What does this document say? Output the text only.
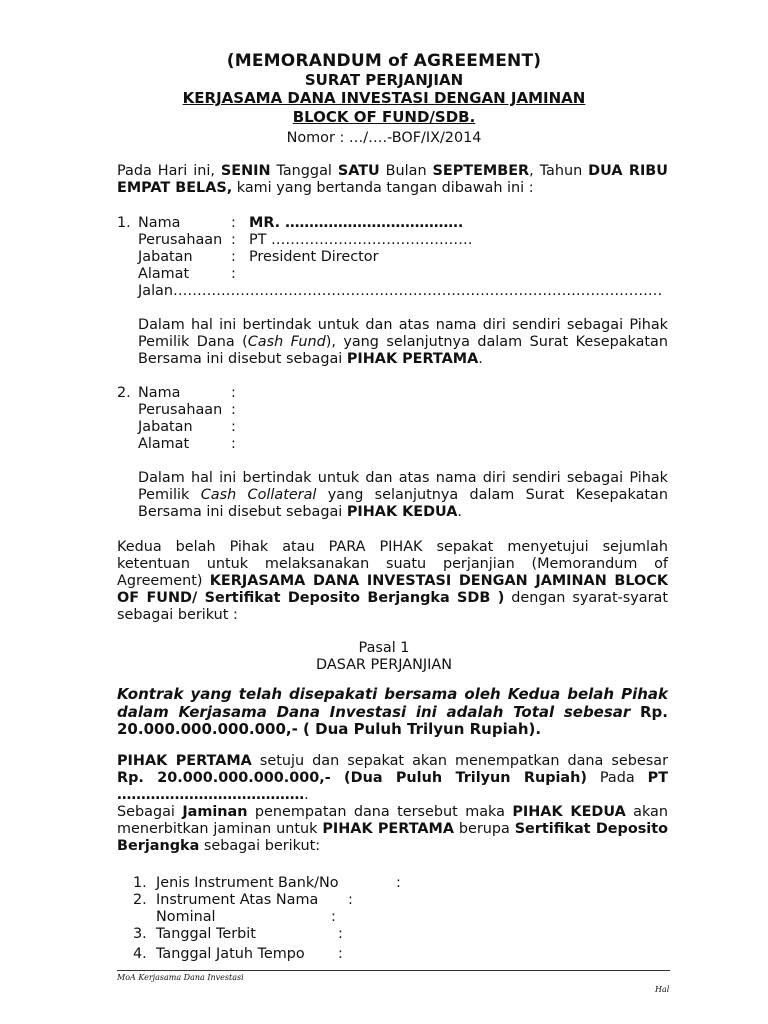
(MEMORANDUM of AGREEMENT)
SURAT PERJANJIAN
KERJASAMA DANA INVESTASI DENGAN JAMINAN
BLOCK OF FUND/SDB.
Nomor : …/….-BOF/IX/2014
Pada Hari ini, SENIN Tanggal SATU Bulan SEPTEMBER, Tahun DUA RIBU EMPAT BELAS, kami yang bertanda tangan dibawah ini :
1. Nama	: MR. ……………………………….
Perusahaan : PT ……………………………………
Jabatan	: President Director
Alamat	:
Jalan…………………………………………………………………………………………
Dalam hal ini bertindak untuk dan atas nama diri sendiri sebagai Pihak Pemilik Dana (Cash Fund), yang selanjutnya dalam Surat Kesepakatan Bersama ini disebut sebagai PIHAK PERTAMA.
2. Nama	:
Perusahaan :
Jabatan	:
Alamat	:
Dalam hal ini bertindak untuk dan atas nama diri sendiri sebagai Pihak Pemilik Cash Collateral yang selanjutnya dalam Surat Kesepakatan Bersama ini disebut sebagai PIHAK KEDUA.
Kedua belah Pihak atau PARA PIHAK sepakat menyetujui sejumlah ketentuan untuk melaksanakan suatu perjanjian (Memorandum of Agreement) KERJASAMA DANA INVESTASI DENGAN JAMINAN BLOCK OF FUND/ Sertifikat Deposito Berjangka SDB ) dengan syarat-syarat sebagai berikut :
Pasal 1
DASAR PERJANJIAN
Kontrak yang telah disepakati bersama oleh Kedua belah Pihak dalam Kerjasama Dana Investasi ini adalah Total sebesar Rp. 20.000.000.000.000,- ( Dua Puluh Trilyun Rupiah).
PIHAK PERTAMA setuju dan sepakat akan menempatkan dana sebesar Rp. 20.000.000.000.000,- (Dua Puluh Trilyun Rupiah) Pada PT ………………………………….
Sebagai Jaminan penempatan dana tersebut maka PIHAK KEDUA akan menerbitkan jaminan untuk PIHAK PERTAMA berupa Sertifikat Deposito Berjangka sebagai berikut:
1. Jenis Instrument Bank/No	:
2. Instrument Atas Nama :
Nominal	:
3. Tanggal Terbit	:
4. Tanggal Jatuh Tempo :
MoA Kerjasama Dana Investasi
Hal
